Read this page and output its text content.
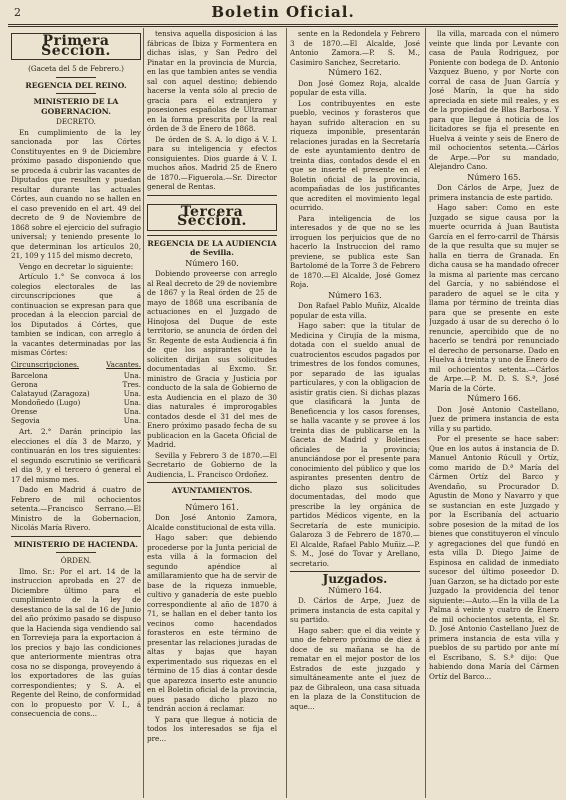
2	Boletin Oficial.
Primera Seccion.

(Gaceta del 5 de Febrero.)

REGENCIA DEL REINO.

MINISTERIO DE LA GOBERNACION.

DECRETO.

En cumplimiento de la ley sancionada por las Córtes Constituyentes en 9 de Diciembre próximo pasado disponiendo que se proceda á cubrir las vacantes de Diputados que resulten y puedan resultar durante las actuales Córtes, aun cuando no se hallen en el caso prevenido en el art. 49 del decreto de 9 de Noviembre de 1868 sobre el ejercicio del sufragio universal; y teniendo presente lo que determinan los artículos 20, 21, 109 y 115 del mismo decreto,

Vengo en decretar lo siguiente:

Artículo 1.° Se convoca á los colegios electorales de las circunscripciones que á continuacion se expresan para que procedan á la eleccion parcial de los Diputados á Córtes, que tambien se indican, con arreglo á la vacantes determinadas por las mismas Córtes:

Circunscripciones.	Vacantes.
Barcelona	Una.
Gerona	Tres.
Calatayud (Zaragoza)	Una.
Mondoñedo (Lugo)	Una.
Orense	Una.
Segovia	Una.

Art. 2.° Darán principio las elecciones el día 3 de Marzo, y continuarán en los tres siguientes: el segundo escrutinio se verificará el dia 9, y el tercero ó general el 17 del mismo mes.

Dado en Madrid á cuatro de Febrero de mil ochocientos setenta.—Francisco Serrano.—El Ministro de la Gobernacion, Nicolás María Rivero.

MINISTERIO DE HACIENDA.

ÓRDEN.

Ilmo. Sr.: Por el art. 14 de la instruccion aprobada en 27 de Diciembre último para el cumplimiento de la ley de desestanco de la sal de 16 de Junio del año próximo pasado se dispuso que la Hacienda siga vendiendo sal en Torrevieja para la exportacion á los precios y bajo las condiciones que anteriormente mientras otra cosa no se disponga, proveyendo á los exportadores de las guías correspondientes; y S. A. el Regente del Reino, de conformidad con lo propuesto por V. I., á consecuencia de cons...

tensiva aquella disposicion á las fábricas de Ibiza y Formentera en dichas islas, y San Pedro del Pinatar en la provincia de Murcia, en las que tambien antes se vendia sal con aquel destino; debiendo hacerse la venta sólo al precio de gracia para el extranjero y posesiones españolas de Ultramar en la forma prescrita por la real órden de 3 de Enero de 1868.

De órden de S. A. lo digo á V. I. para su inteligencia y efectos consiguientes. Dios guarde á V. I. muchos años. Madrid 25 de Enero de 1870.—Figuerola.—Sr. Director general de Rentas.

Tercera Seccion.

REGENCIA DE LA AUDIENCIA de Sevilla.

Número 160.

Dobiendo proveerse con arreglo al Real decreto de 29 de noviembre de 1867 y la Real órden de 25 de mayo de 1868 una escribanía de actuaciones en el Juzgado de Hinojosa del Duque de este territorio, se anuncia de órden del Sr. Regente de esta Audiencia á fin de que los aspirantes que la soliciten dirijan sus solicitudes documentadas al Excmo. Sr. ministro de Gracia y Justicia por conducto de la sala de Gobierno de esta Audiencia en el plazo de 30 dias naturales é improrogables contados desde el 31 del mes de Enero próximo pasado fecha de su publicacion en la Gaceta Oficial de Madrid.

Sevilla y Febrero 3 de 1870.—El Secretario de Gobierno de la Audiencia, L. Francisco Ordoñez.

AYUNTAMIENTOS.

Número 161.

Don José Antonio Zamora, Alcalde constitucional de esta villa.

Hago saber: que debiendo procederse por la Junta pericial de esta villa á la formacion del segundo apéndice al amillaramiento que ha de servir de base de la riqueza inmueble, cultivo y ganadería de este pueblo correspondiente al año de 1870 á 71, se hallan en el deber tanto los vecinos como hacendados forasteros en este término de presentar las relaciones juradas de altas y bajas que hayan experimentado sus riquezas en el término de 15 dias á contar desde que aparezca inserto este anuncio en el Boletin oficial de la provincia, pues pasado dicho plazo no tendrán accion á reclamar.

Y para que llegue á noticia de todos los interesados se fija el pre...

sente en la Redondela y Febrero 3 de 1870.—El Alcalde, José Antonio Zamora.—P. S. M., Casimiro Sanchez, Secretario.

Número 162.

Don José Gomez Roja, alcalde popular de esta villa.

Los contribuyentes en este pueblo, vecinos y forasteros que hayan sufrido alteracion en su riqueza imponible, presentarán relaciones juradas en la Secretaría de este ayuntamiento dentro de treinta dias, contados desde el en que se inserte el presente en el Boletin oficial de la provincia, acompañadas de los justificantes que acrediten el movimiento legal ocurrido.

Para inteligencia de los interesados y de que no se les irroguen los perjuicios que de no hacerlo la Instruccion del ramo previene, se publica este San Bartolomé de la Torre 3 de Febrero de 1870.—El Alcalde, José Gomez Roja.

Número 163.

Don Rafael Pablo Muñiz, Alcalde popular de esta villa.

Hago saber: que la titular de Medicina y Cirujía de la misma, dotada con el sueldo anual de cuatrocientos escudos pagados por trimestres de los fondos comunes, por separado de las igualas particulares, y con la obligacion de asistir gratis cien. Si dichas plazas que clasificará la Junta de Beneficencia y los casos forenses, se halla vacante y se provee á los treinta dias de publicarse en la Gaceta de Madrid y Boletines oficiales de la provincia; anunciándose por el presente para conocimiento del público y que los aspirantes presenten dentro de dicho plazo sus solicitudes documentadas, del modo que prescribe la ley orgánica de partidos Médicos vigente, en la Secretaría de este municipio. Galaroza 3 de Febrero de 1870.—El Alcalde, Rafael Pablo Muñiz.—P. S. M., José do Tovar y Arellano, secretario.

Juzgados.

Número 164.

D. Cárlos de Arpe, Juez de primera instancia de esta capital y su partido.

Hago saber: que el dia veinte y uno de febrero próximo de diez á doce de su mañana se ha de rematar en el mejor postor de los Estrados de este juzgado y simultáneamente ante el juez de paz de Gibraleon, una casa situada en la plaza de la Constitucion de aque...

lla villa, marcada con el número veinte que linda por Levante con casa de Paula Rodriguez, por Poniente con bodega de D. Antonio Vazquez Bueno, y por Norte con corral de casa de Juan García y José Marín, la que ha sido apreciada en siete mil reales, y es de la propiedad de Blas Barbosa. Y para que llegue á noticia de los licitadores se fija el presente en Huelva á veinte y seis de Enero de mil ochocientos setenta.—Cárlos de Arpe.—Por su mandado, Alejandro Cano.

Número 165.

Don Cárlos de Arpe, Juez de primera instancia de este partido.

Hago saber: Como en este Juzgado se sigue causa por la muerte ocurrida á Juan Bautista García en el ferro-carril de Thársis de la que resulta que su mujer se halla en tierra de Granada. En dicha causa se ha mandado ofrecer la misma al pariente mas cercano del García, y no sabiéndose el paradero de aquel se le cita y llama por término de treinta dias para que se presente en este Juzgado á usar de su derecho ó lo renuncie, apercibido que de no hacerlo se tendrá por renunciado el derecho de personarse. Dado en Huelva á treinta y uno de Enero de mil ochocientos setenta.—Cárlos de Arpe.—P. M. D. S. S.ª, José María de la Córte.

Número 166.

Don José Antonio Castellano, Juez de primera instancia de esta villa y su partido.

Por el presente se hace saber: Que en los autos á instancia de D. Manuel Antonio Rúcull y Ortíz, como marido de D.ª María del Cármen Ortíz del Barco y Avendaño, su Procurador D. Agustin de Mono y Navarro y que se sustancian en este Juzgado y por la Escribanía del actuario sobre posesion de la mitad de los bienes que constituyeron el vínculo y agregaciones del que fundó en esta villa D. Diego Jaime de Espinosa en calidad de inmediato sucesor del último poseedor D. Juan Garzon, se ha dictado por este Juzgado la providencia del tenor siguiente:—Auto.—En la villa de La Palma á veinte y cuatro de Enero de mil ochocientos setenta, el Sr. D. José Antonio Castellano Juez de primera instancia de esta villa y pueblos de su partido por ante mí el Escribano, S. S.ª dijo: Que habiendo dona María del Cármen Ortíz del Barco...
